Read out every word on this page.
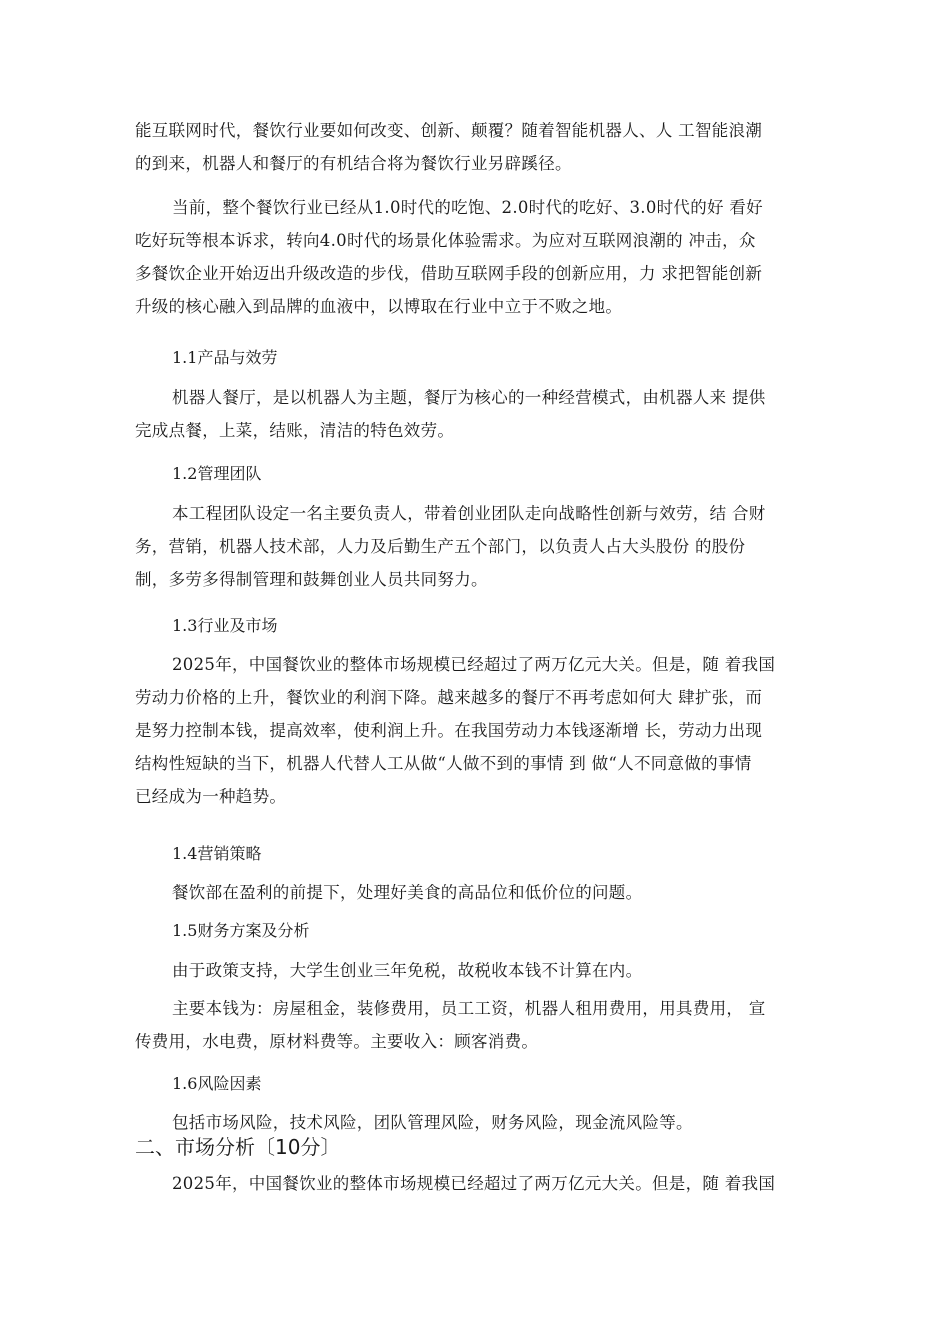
能互联网时代，餐饮行业要如何改变、创新、颠覆？随着智能机器人、人 工智能浪潮
的到来，机器人和餐厅的有机结合将为餐饮行业另辟蹊径。
当前，整个餐饮行业已经从1.0时代的吃饱、2.0时代的吃好、3.0时代的好 看好
吃好玩等根本诉求，转向4.0时代的场景化体验需求。为应对互联网浪潮的 冲击，众
多餐饮企业开始迈出升级改造的步伐，借助互联网手段的创新应用，力 求把智能创新
升级的核心融入到品牌的血液中，以博取在行业中立于不败之地。
1.1产品与效劳
机器人餐厅，是以机器人为主题，餐厅为核心的一种经营模式，由机器人来 提供
完成点餐，上菜，结账，清洁的特色效劳。
1.2管理团队
本工程团队设定一名主要负责人，带着创业团队走向战略性创新与效劳，结 合财
务，营销，机器人技术部，人力及后勤生产五个部门，以负责人占大头股份 的股份
制，多劳多得制管理和鼓舞创业人员共同努力。
1.3行业及市场
2025年，中国餐饮业的整体市场规模已经超过了两万亿元大关。但是，随 着我国
劳动力价格的上升，餐饮业的利润下降。越来越多的餐厅不再考虑如何大 肆扩张，而
是努力控制本钱，提高效率，使利润上升。在我国劳动力本钱逐渐增 长，劳动力出现
结构性短缺的当下，机器人代替人工从做“人做不到的事情 到 做“人不同意做的事情
已经成为一种趋势。
1.4营销策略
餐饮部在盈利的前提下，处理好美食的高品位和低价位的问题。
1.5财务方案及分析
由于政策支持，大学生创业三年免税，故税收本钱不计算在内。
主要本钱为：房屋租金，装修费用，员工工资，机器人租用费用，用具费用， 宣
传费用，水电费，原材料费等。主要收入：顾客消费。
1.6风险因素
包括市场风险，技术风险，团队管理风险，财务风险，现金流风险等。
二、市场分析〔10分〕
2025年，中国餐饮业的整体市场规模已经超过了两万亿元大关。但是，随 着我国
